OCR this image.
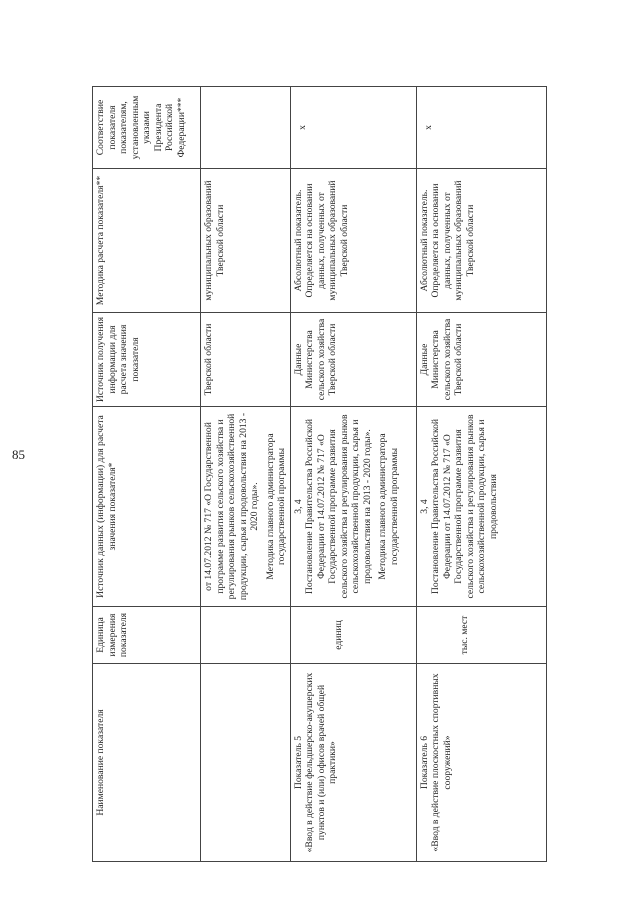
85
Наименование показателя	Единица измерения показателя	Источник данных (информации) для расчета значения показателя*	Источник получения информации для расчета значения показателя	Методика расчета показателя**	Соответствие показателя показателям, установленным указами Президента Российской Федерации***

		от 14.07.2012 № 717 «О Государственной программе развития сельского хозяйства и регулирования рынков сельскохозяйственной продукции, сырья и продовольствия на 2013 - 2020 годы». Методика главного администратора государственной программы	Тверской области	муниципальных образований Тверской области	

Показатель 5 «Ввод в действие фельдшерско-акушерских пунктов и (или) офисов врачей общей практики»	единиц	3, 4 Постановление Правительства Российской Федерации от 14.07.2012 № 717 «О Государственной программе развития сельского хозяйства и регулирования рынков сельскохозяйственной продукции, сырья и продовольствия на 2013 - 2020 годы». Методика главного администратора государственной программы	Данные Министерства сельского хозяйства Тверской области	Абсолютный показатель. Определяется на основании данных, полученных от муниципальных образований Тверской области	x

Показатель 6 «Ввод в действие плоскостных спортивных сооружений»	тыс. мест	3, 4 Постановление Правительства Российской Федерации от 14.07.2012 № 717 «О Государственной программе развития сельского хозяйства и регулирования рынков сельскохозяйственной продукции, сырья и продовольствия	Данные Министерства сельского хозяйства Тверской области	Абсолютный показатель. Определяется на основании данных, полученных от муниципальных образований Тверской области	x
